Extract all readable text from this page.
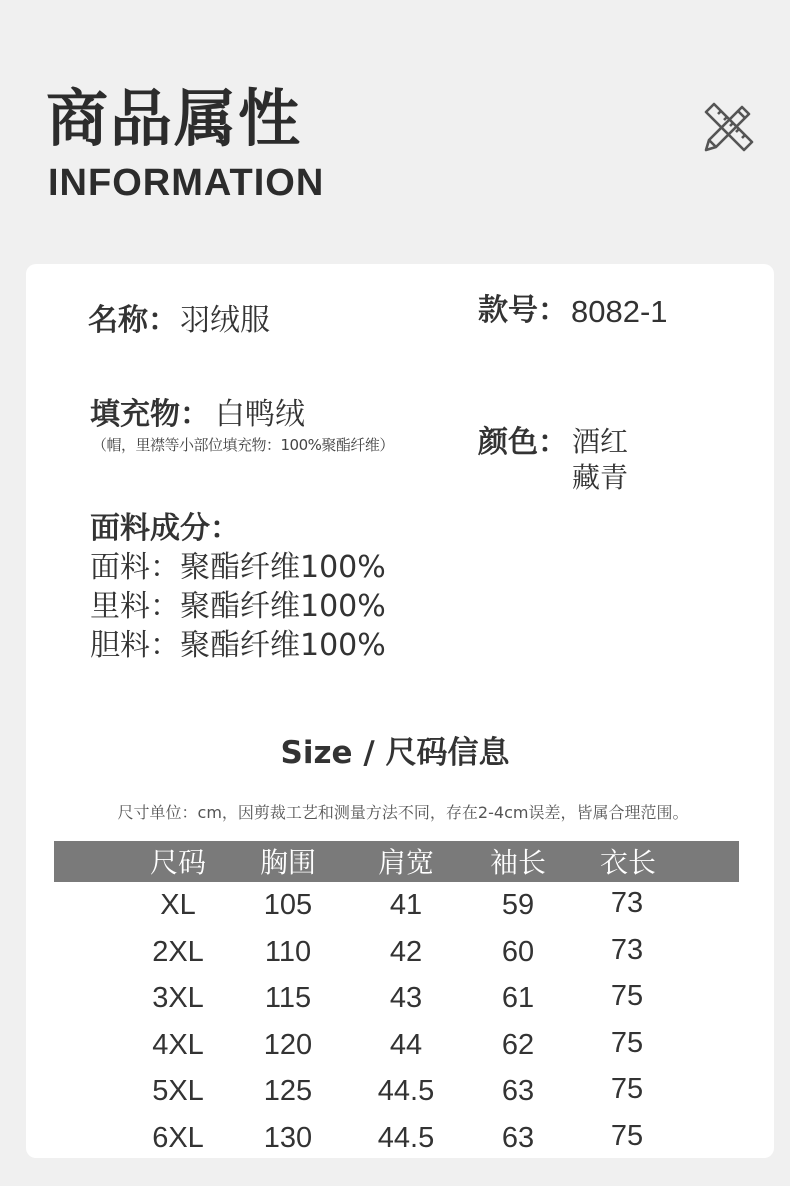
商品属性
INFORMATION
名称： 羽绒服	款号： 8082-1
填充物： 白鸭绒
（帽，里襟等小部位填充物：100%聚酯纤维）	颜色： 酒红
藏青
面料成分：
面料：聚酯纤维100%
里料：聚酯纤维100%
胆料：聚酯纤维100%
Size / 尺码信息
尺寸单位：cm，因剪裁工艺和测量方法不同，存在2-4cm误差，皆属合理范围。
尺码	胸围	肩宽	袖长	衣长
XL	105	41	59	73
2XL	110	42	60	73
3XL	115	43	61	75
4XL	120	44	62	75
5XL	125	44.5	63	75
6XL	130	44.5	63	75
